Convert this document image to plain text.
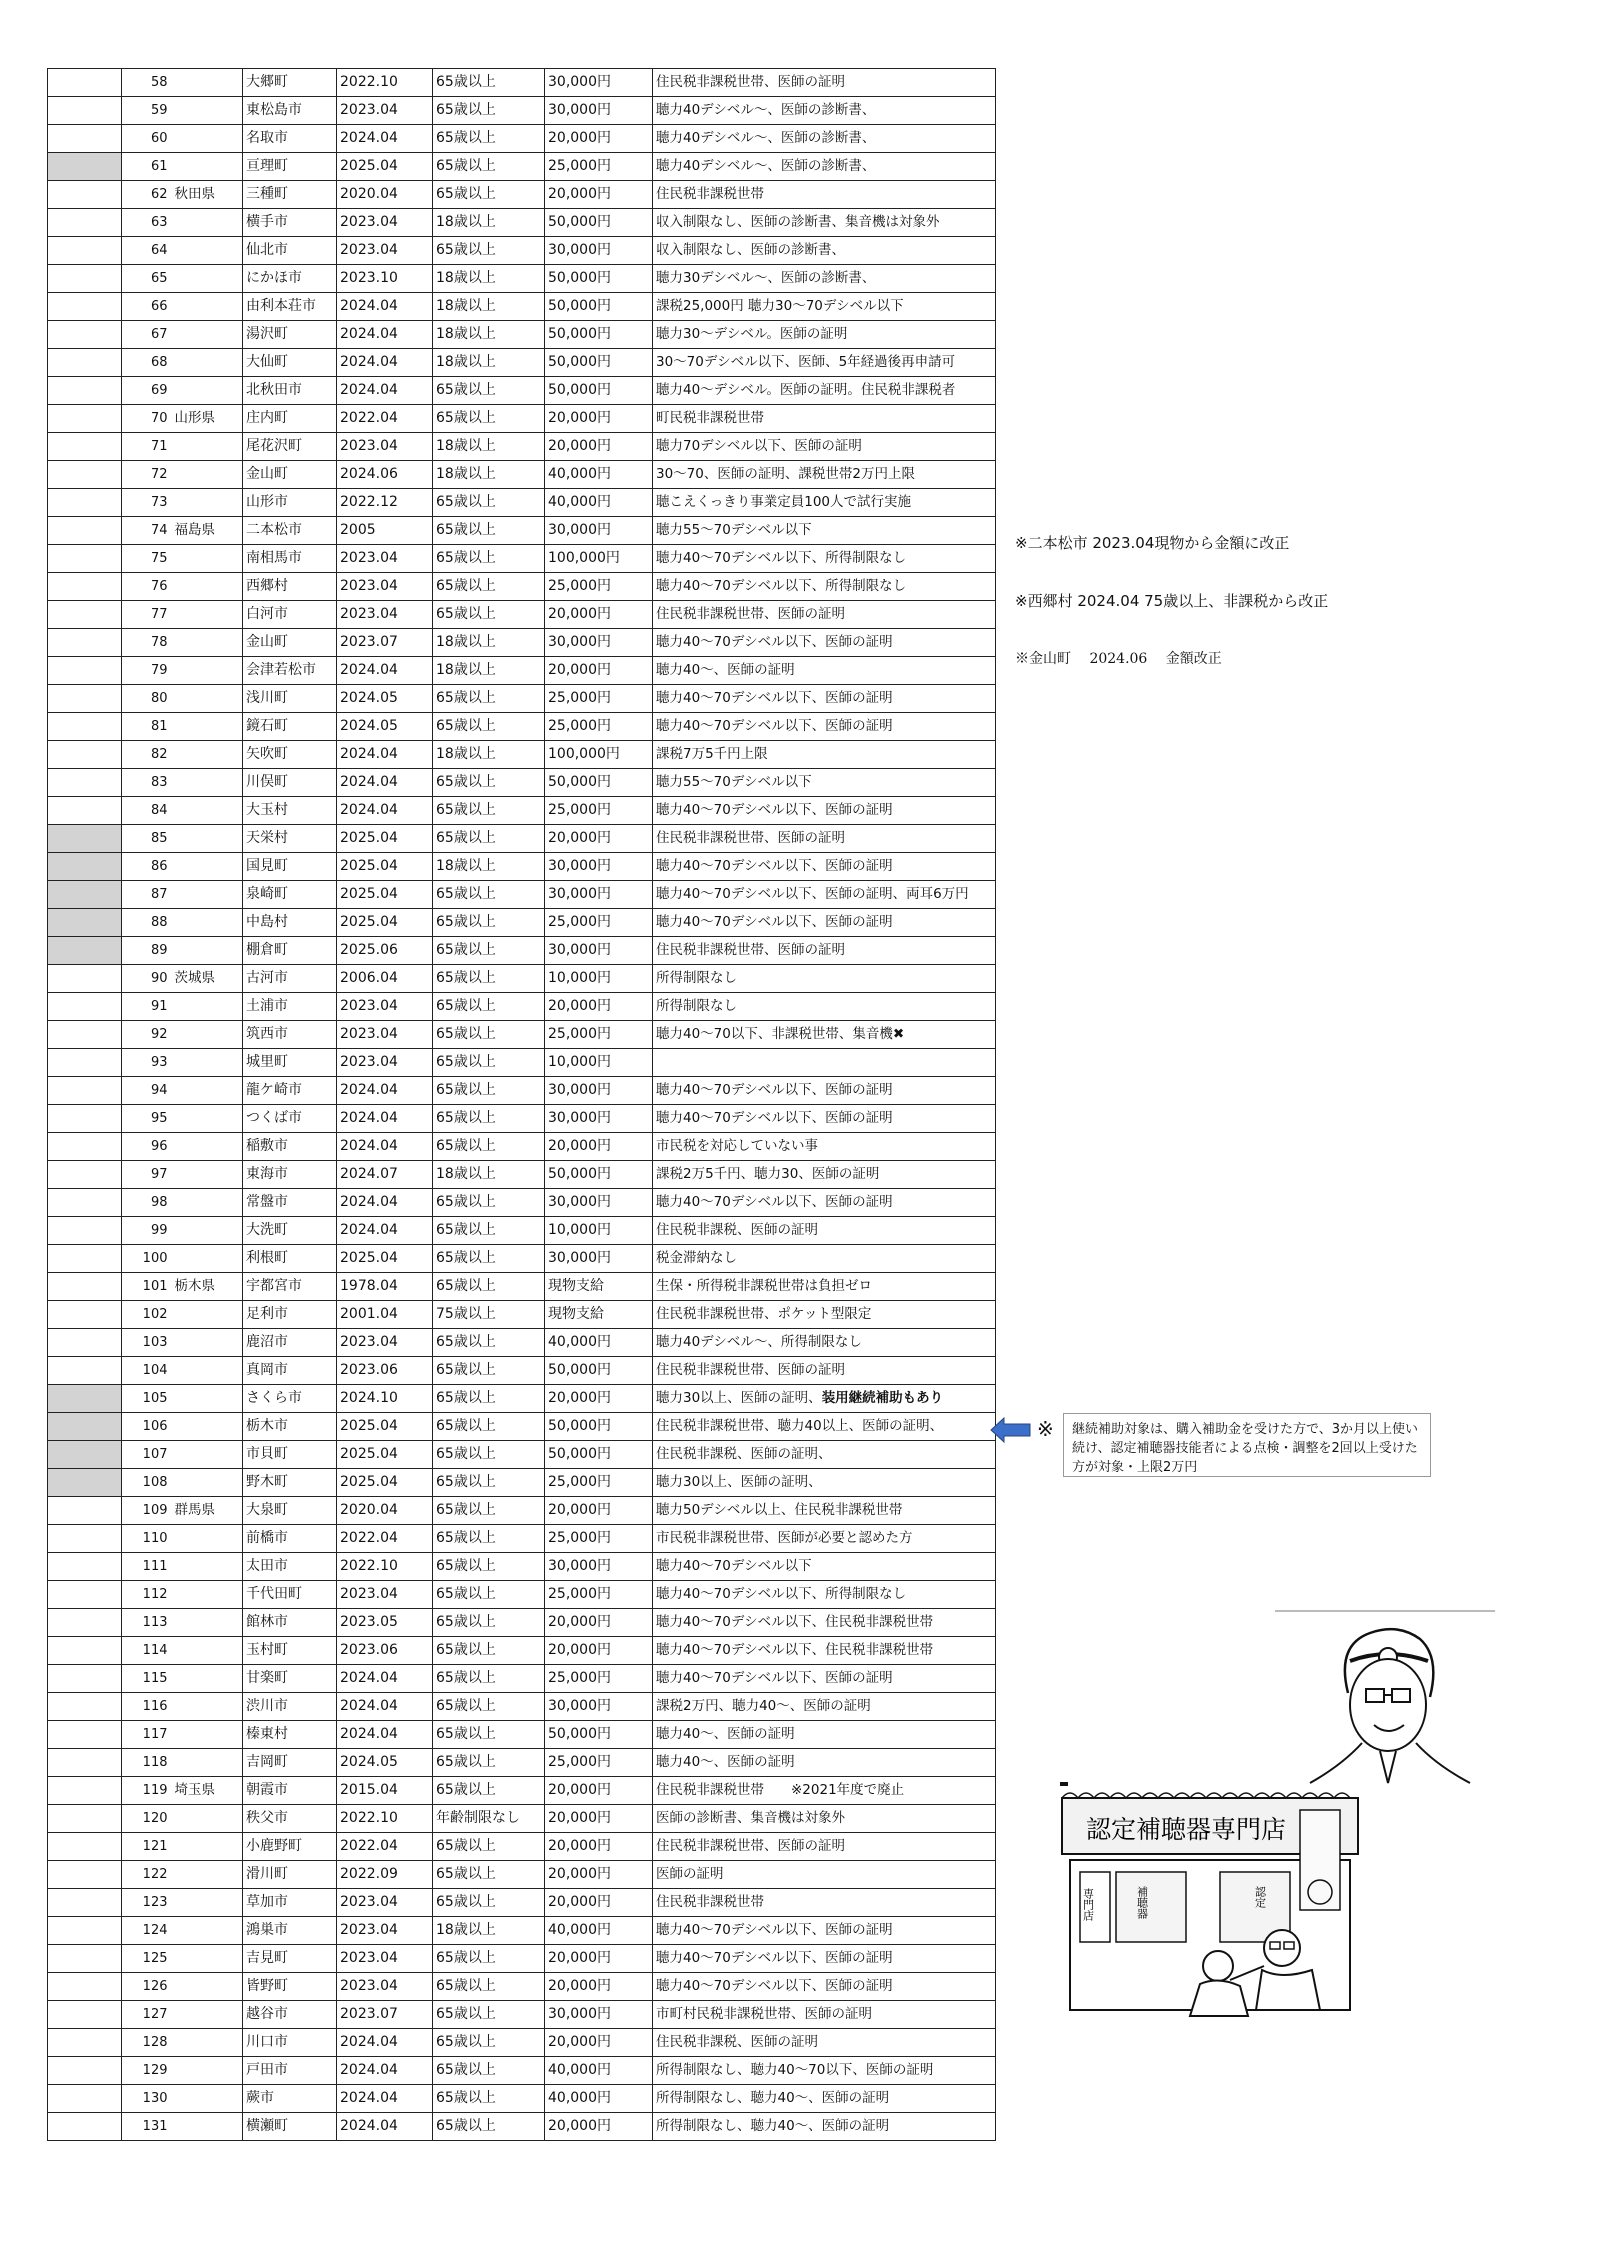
	58		大郷町	2022.10	65歳以上	30,000円	住民税非課税世帯、医師の証明
	59		東松島市	2023.04	65歳以上	30,000円	聴力40デシベル～、医師の診断書、
	60		名取市	2024.04	65歳以上	20,000円	聴力40デシベル～、医師の診断書、
	61		亘理町	2025.04	65歳以上	25,000円	聴力40デシベル～、医師の診断書、
	62	秋田県	三種町	2020.04	65歳以上	20,000円	住民税非課税世帯
	63		横手市	2023.04	18歳以上	50,000円	収入制限なし、医師の診断書、集音機は対象外
	64		仙北市	2023.04	65歳以上	30,000円	収入制限なし、医師の診断書、
	65		にかほ市	2023.10	18歳以上	50,000円	聴力30デシベル～、医師の診断書、
	66		由利本荘市	2024.04	18歳以上	50,000円	課税25,000円 聴力30～70デシベル以下
	67		湯沢町	2024.04	18歳以上	50,000円	聴力30～デシベル。医師の証明
	68		大仙町	2024.04	18歳以上	50,000円	30～70デシベル以下、医師、5年経過後再申請可
	69		北秋田市	2024.04	65歳以上	50,000円	聴力40～デシベル。医師の証明。住民税非課税者
	70	山形県	庄内町	2022.04	65歳以上	20,000円	町民税非課税世帯
	71		尾花沢町	2023.04	18歳以上	20,000円	聴力70デシベル以下、医師の証明
	72		金山町	2024.06	18歳以上	40,000円	30～70、医師の証明、課税世帯2万円上限
	73		山形市	2022.12	65歳以上	40,000円	聴こえくっきり事業定員100人で試行実施
	74	福島県	二本松市	2005	65歳以上	30,000円	聴力55～70デシベル以下
	75		南相馬市	2023.04	65歳以上	100,000円	聴力40～70デシベル以下、所得制限なし
	76		西郷村	2023.04	65歳以上	25,000円	聴力40～70デシベル以下、所得制限なし
	77		白河市	2023.04	65歳以上	20,000円	住民税非課税世帯、医師の証明
	78		金山町	2023.07	18歳以上	30,000円	聴力40～70デシベル以下、医師の証明
	79		会津若松市	2024.04	18歳以上	20,000円	聴力40～、医師の証明
	80		浅川町	2024.05	65歳以上	25,000円	聴力40～70デシベル以下、医師の証明
	81		鏡石町	2024.05	65歳以上	25,000円	聴力40～70デシベル以下、医師の証明
	82		矢吹町	2024.04	18歳以上	100,000円	課税7万5千円上限
	83		川俣町	2024.04	65歳以上	50,000円	聴力55～70デシベル以下
	84		大玉村	2024.04	65歳以上	25,000円	聴力40～70デシベル以下、医師の証明
	85		天栄村	2025.04	65歳以上	20,000円	住民税非課税世帯、医師の証明
	86		国見町	2025.04	18歳以上	30,000円	聴力40～70デシベル以下、医師の証明
	87		泉崎町	2025.04	65歳以上	30,000円	聴力40～70デシベル以下、医師の証明、両耳6万円
	88		中島村	2025.04	65歳以上	25,000円	聴力40～70デシベル以下、医師の証明
	89		棚倉町	2025.06	65歳以上	30,000円	住民税非課税世帯、医師の証明
	90	茨城県	古河市	2006.04	65歳以上	10,000円	所得制限なし
	91		土浦市	2023.04	65歳以上	20,000円	所得制限なし
	92		筑西市	2023.04	65歳以上	25,000円	聴力40～70以下、非課税世帯、集音機✖
	93		城里町	2023.04	65歳以上	10,000円	
	94		龍ケ崎市	2024.04	65歳以上	30,000円	聴力40～70デシベル以下、医師の証明
	95		つくば市	2024.04	65歳以上	30,000円	聴力40～70デシベル以下、医師の証明
	96		稲敷市	2024.04	65歳以上	20,000円	市民税を対応していない事
	97		東海市	2024.07	18歳以上	50,000円	課税2万5千円、聴力30、医師の証明
	98		常盤市	2024.04	65歳以上	30,000円	聴力40～70デシベル以下、医師の証明
	99		大洗町	2024.04	65歳以上	10,000円	住民税非課税、医師の証明
	100		利根町	2025.04	65歳以上	30,000円	税金滞納なし
	101	栃木県	宇都宮市	1978.04	65歳以上	現物支給	生保・所得税非課税世帯は負担ゼロ
	102		足利市	2001.04	75歳以上	現物支給	住民税非課税世帯、ポケット型限定
	103		鹿沼市	2023.04	65歳以上	40,000円	聴力40デシベル～、所得制限なし
	104		真岡市	2023.06	65歳以上	50,000円	住民税非課税世帯、医師の証明
	105		さくら市	2024.10	65歳以上	20,000円	聴力30以上、医師の証明、装用継続補助もあり
	106		栃木市	2025.04	65歳以上	50,000円	住民税非課税世帯、聴力40以上、医師の証明、
	107		市貝町	2025.04	65歳以上	50,000円	住民税非課税、医師の証明、
	108		野木町	2025.04	65歳以上	25,000円	聴力30以上、医師の証明、
	109	群馬県	大泉町	2020.04	65歳以上	20,000円	聴力50デシベル以上、住民税非課税世帯
	110		前橋市	2022.04	65歳以上	25,000円	市民税非課税世帯、医師が必要と認めた方
	111		太田市	2022.10	65歳以上	30,000円	聴力40～70デシベル以下
	112		千代田町	2023.04	65歳以上	25,000円	聴力40～70デシベル以下、所得制限なし
	113		館林市	2023.05	65歳以上	20,000円	聴力40～70デシベル以下、住民税非課税世帯
	114		玉村町	2023.06	65歳以上	20,000円	聴力40～70デシベル以下、住民税非課税世帯
	115		甘楽町	2024.04	65歳以上	25,000円	聴力40～70デシベル以下、医師の証明
	116		渋川市	2024.04	65歳以上	30,000円	課税2万円、聴力40～、医師の証明
	117		榛東村	2024.04	65歳以上	50,000円	聴力40～、医師の証明
	118		吉岡町	2024.05	65歳以上	25,000円	聴力40～、医師の証明
	119	埼玉県	朝霞市	2015.04	65歳以上	20,000円	住民税非課税世帯　　※2021年度で廃止
	120		秩父市	2022.10	年齢制限なし	20,000円	医師の診断書、集音機は対象外
	121		小鹿野町	2022.04	65歳以上	20,000円	住民税非課税世帯、医師の証明
	122		滑川町	2022.09	65歳以上	20,000円	医師の証明
	123		草加市	2023.04	65歳以上	20,000円	住民税非課税世帯
	124		鴻巣市	2023.04	18歳以上	40,000円	聴力40～70デシベル以下、医師の証明
	125		吉見町	2023.04	65歳以上	20,000円	聴力40～70デシベル以下、医師の証明
	126		皆野町	2023.04	65歳以上	20,000円	聴力40～70デシベル以下、医師の証明
	127		越谷市	2023.07	65歳以上	30,000円	市町村民税非課税世帯、医師の証明
	128		川口市	2024.04	65歳以上	20,000円	住民税非課税、医師の証明
	129		戸田市	2024.04	65歳以上	40,000円	所得制限なし、聴力40～70以下、医師の証明
	130		蕨市	2024.04	65歳以上	40,000円	所得制限なし、聴力40～、医師の証明
	131		横瀬町	2024.04	65歳以上	20,000円	所得制限なし、聴力40～、医師の証明
※二本松市 2023.04現物から金額に改正
※西郷村 2024.04 75歳以上、非課税から改正
※金山町　 2024.06　 金額改正
※	継続補助対象は、購入補助金を受けた方で、3か月以上使い続け、認定補聴器技能者による点検・調整を2回以上受けた方が対象・上限2万円
認定補聴器専門店
専門店	補聴器	認定
